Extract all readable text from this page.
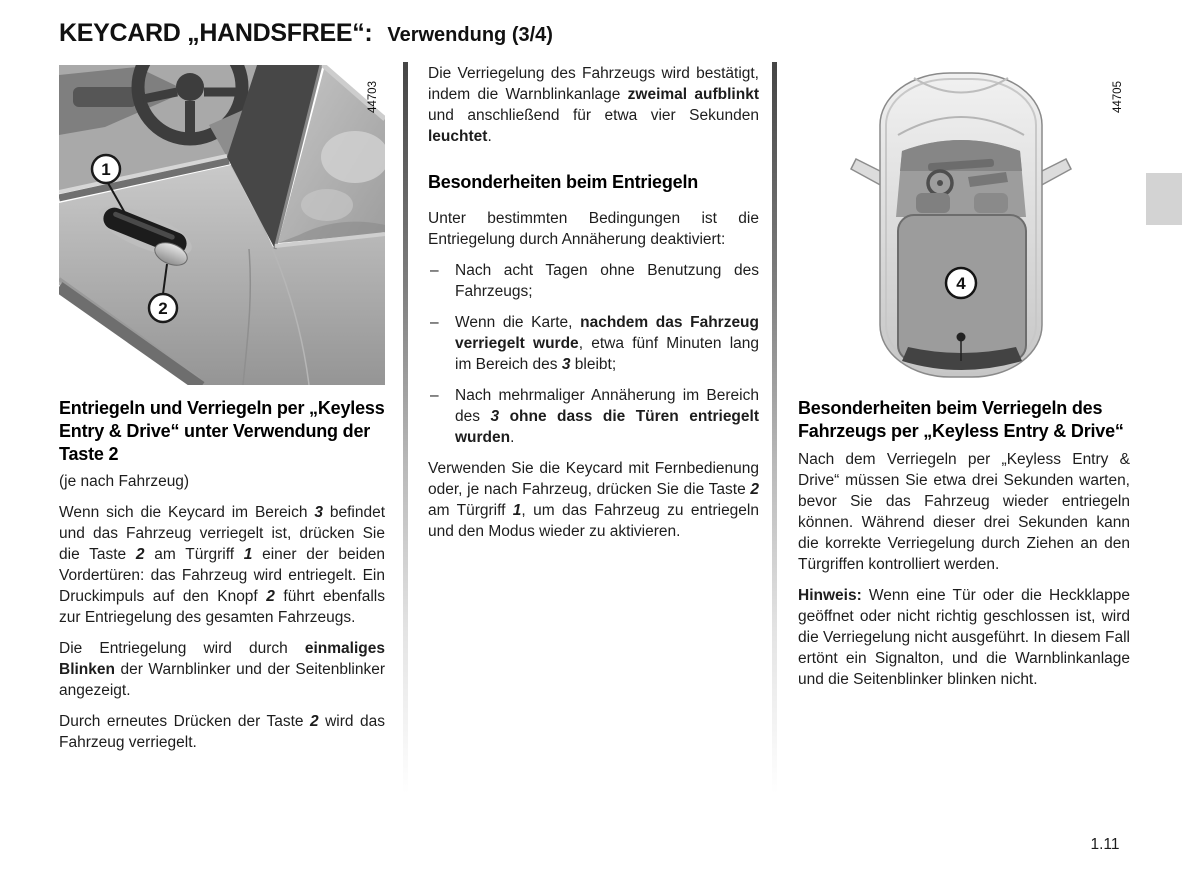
KEYCARD „HANDSFREE“: Verwendung (3/4)
1
2
44703
Entriegeln und Verriegeln per „Keyless Entry & Drive“ unter Verwendung der Taste 2
(je nach Fahrzeug)

Wenn sich die Keycard im Bereich 3 befindet und das Fahrzeug verriegelt ist, drücken Sie die Taste 2 am Türgriff 1 einer der beiden Vordertüren: das Fahrzeug wird entriegelt. Ein Druckimpuls auf den Knopf 2 führt ebenfalls zur Entriegelung des gesamten Fahrzeugs.

Die Entriegelung wird durch einmaliges Blinken der Warnblinker und der Seitenblinker angezeigt.

Durch erneutes Drücken der Taste 2 wird das Fahrzeug verriegelt.

Die Verriegelung des Fahrzeugs wird bestätigt, indem die Warnblinkanlage zweimal aufblinkt und anschließend für etwa vier Sekunden leuchtet.

Besonderheiten beim Entriegeln

Unter bestimmten Bedingungen ist die Entriegelung durch Annäherung deaktiviert:

– Nach acht Tagen ohne Benutzung des Fahrzeugs;
– Wenn die Karte, nachdem das Fahrzeug verriegelt wurde, etwa fünf Minuten lang im Bereich des 3 bleibt;
– Nach mehrmaliger Annäherung im Bereich des 3 ohne dass die Türen entriegelt wurden.

Verwenden Sie die Keycard mit Fernbedienung oder, je nach Fahrzeug, drücken Sie die Taste 2 am Türgriff 1, um das Fahrzeug zu entriegeln und den Modus wieder zu aktivieren.

4
44705
Besonderheiten beim Verriegeln des Fahrzeugs per „Keyless Entry & Drive“

Nach dem Verriegeln per „Keyless Entry & Drive“ müssen Sie etwa drei Sekunden warten, bevor Sie das Fahrzeug wieder entriegeln können. Während dieser drei Sekunden kann die korrekte Verriegelung durch Ziehen an den Türgriffen kontrolliert werden.

Hinweis: Wenn eine Tür oder die Heckklappe geöffnet oder nicht richtig geschlossen ist, wird die Verriegelung nicht ausgeführt. In diesem Fall ertönt ein Signalton, und die Warnblinkanlage und die Seitenblinker blinken nicht.

1.11
